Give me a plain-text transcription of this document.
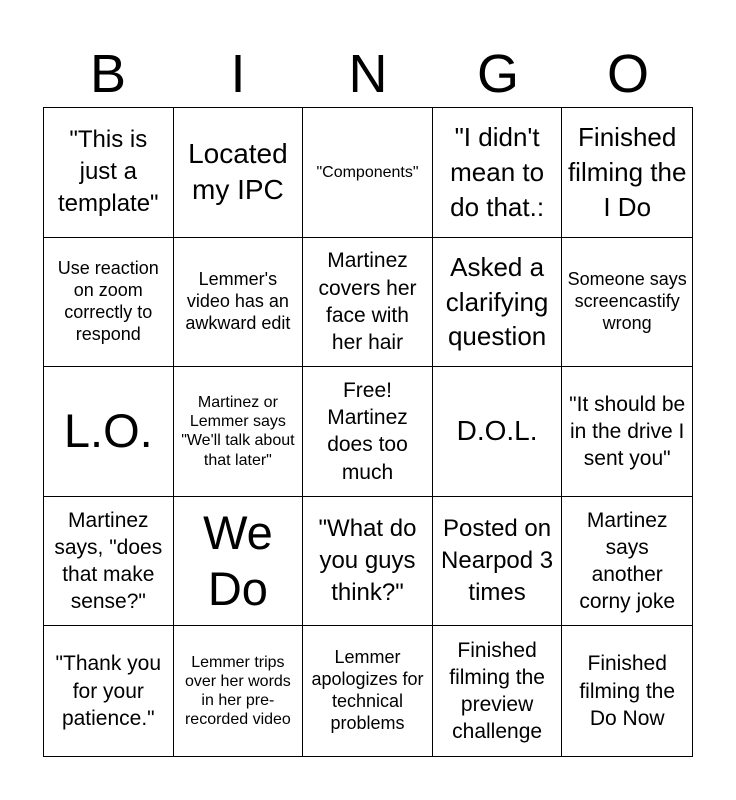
B	I	N	G	O
"This is just a template"
Located my IPC
"Components"
"I didn't mean to do that.:
Finished filming the I Do
Use reaction on zoom correctly to respond
Lemmer's video has an awkward edit
Martinez covers her face with her hair
Asked a clarifying question
Someone says screencastify wrong
L.O.
Martinez or Lemmer says "We'll talk about that later"
Free! Martinez does too much
D.O.L.
"It should be in the drive I sent you"
Martinez says, "does that make sense?"
We Do
"What do you guys think?"
Posted on Nearpod 3 times
Martinez says another corny joke
"Thank you for your patience."
Lemmer trips over her words in her pre-recorded video
Lemmer apologizes for technical problems
Finished filming the preview challenge
Finished filming the Do Now
